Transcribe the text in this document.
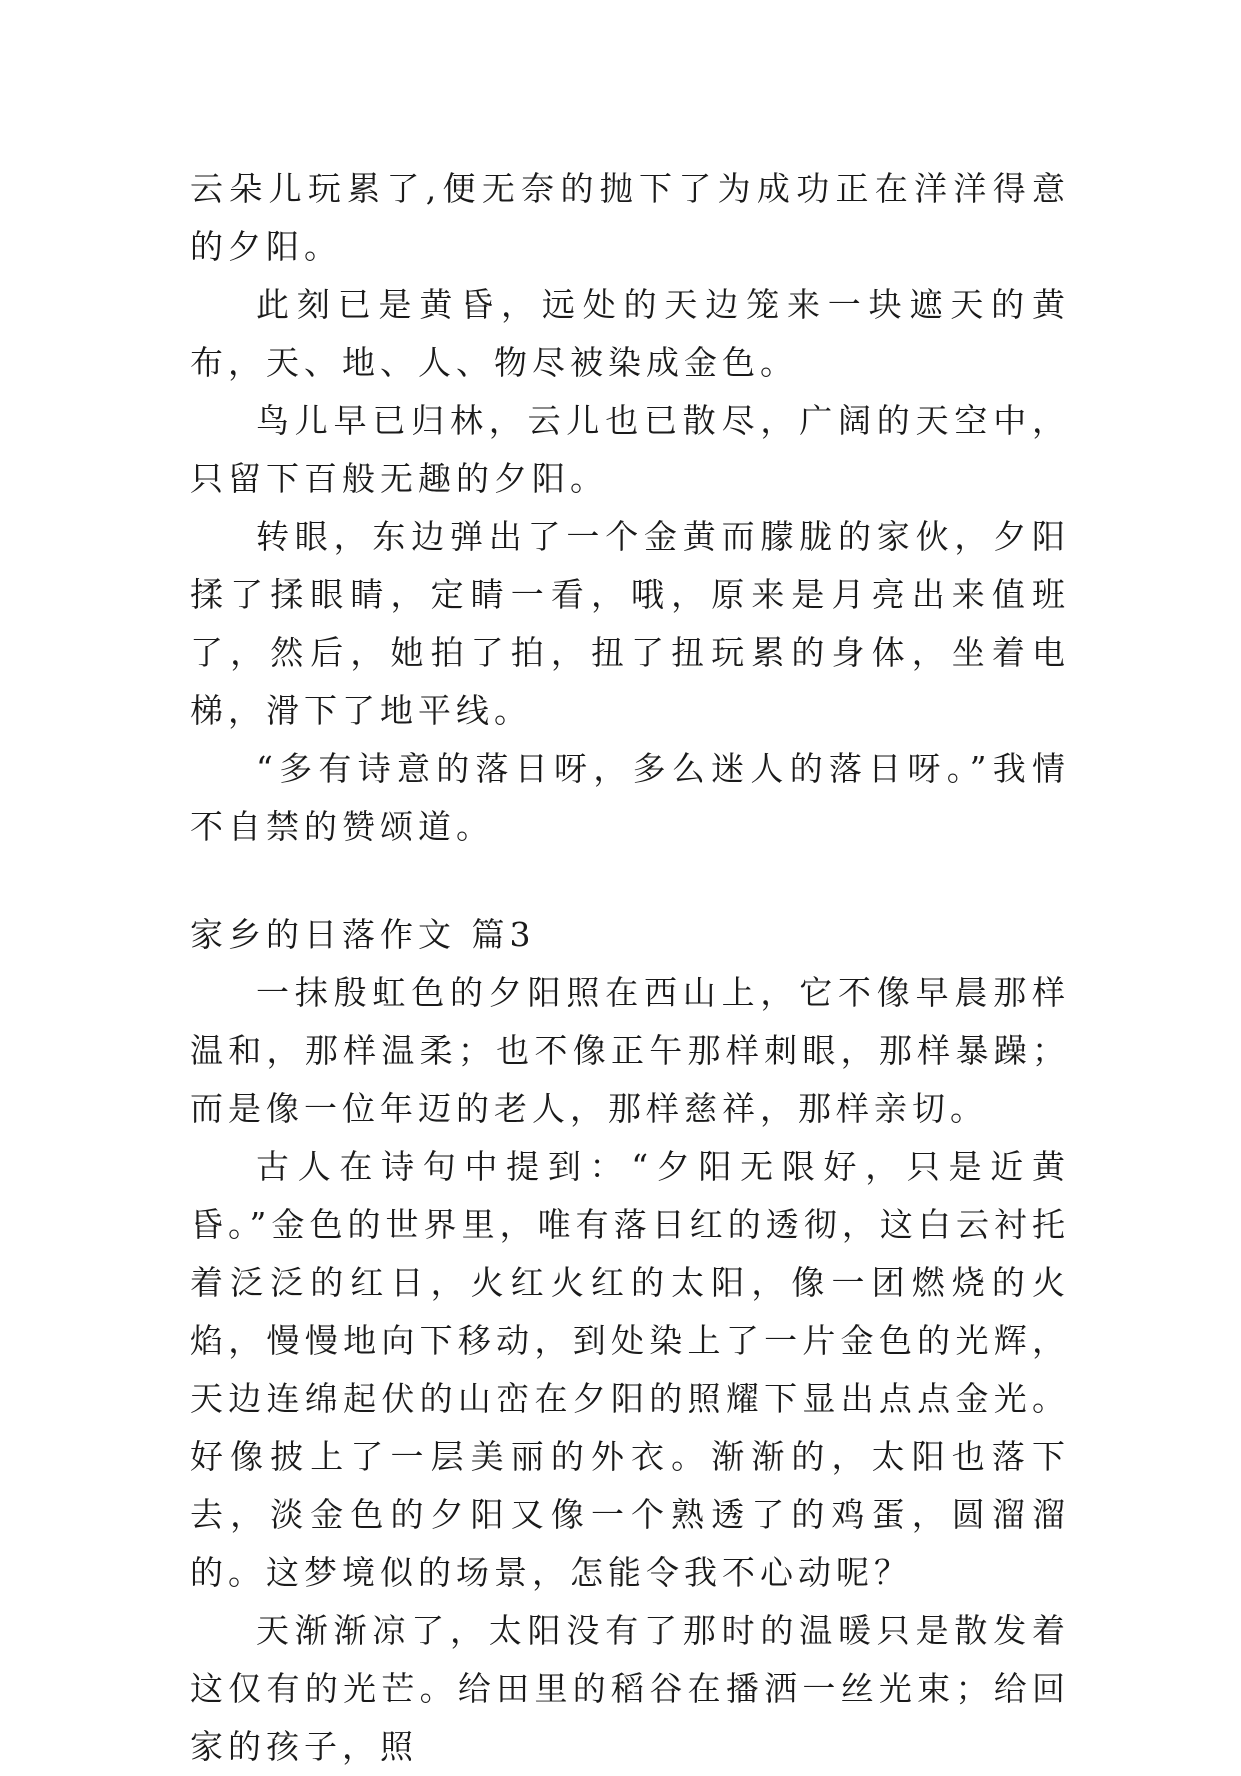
云朵儿玩累了,便无奈的抛下了为成功正在洋洋得意的夕阳。

此刻已是黄昏，远处的天边笼来一块遮天的黄布，天、地、人、物尽被染成金色。

鸟儿早已归林，云儿也已散尽，广阔的天空中，只留下百般无趣的夕阳。

转眼，东边弹出了一个金黄而朦胧的家伙，夕阳揉了揉眼睛，定睛一看，哦，原来是月亮出来值班了，然后，她拍了拍，扭了扭玩累的身体，坐着电梯，滑下了地平线。

“多有诗意的落日呀，多么迷人的落日呀。”我情不自禁的赞颂道。

家乡的日落作文 篇3

一抹殷虹色的夕阳照在西山上，它不像早晨那样温和，那样温柔；也不像正午那样刺眼，那样暴躁；而是像一位年迈的老人，那样慈祥，那样亲切。

古人在诗句中提到：“夕阳无限好，只是近黄昏。”金色的世界里，唯有落日红的透彻，这白云衬托着泛泛的红日，火红火红的太阳，像一团燃烧的火焰，慢慢地向下移动，到处染上了一片金色的光辉，天边连绵起伏的山峦在夕阳的照耀下显出点点金光。好像披上了一层美丽的外衣。渐渐的，太阳也落下去，淡金色的夕阳又像一个熟透了的鸡蛋，圆溜溜的。这梦境似的场景，怎能令我不心动呢？

天渐渐凉了，太阳没有了那时的温暖只是散发着这仅有的光芒。给田里的稻谷在播洒一丝光束；给回家的孩子，照
